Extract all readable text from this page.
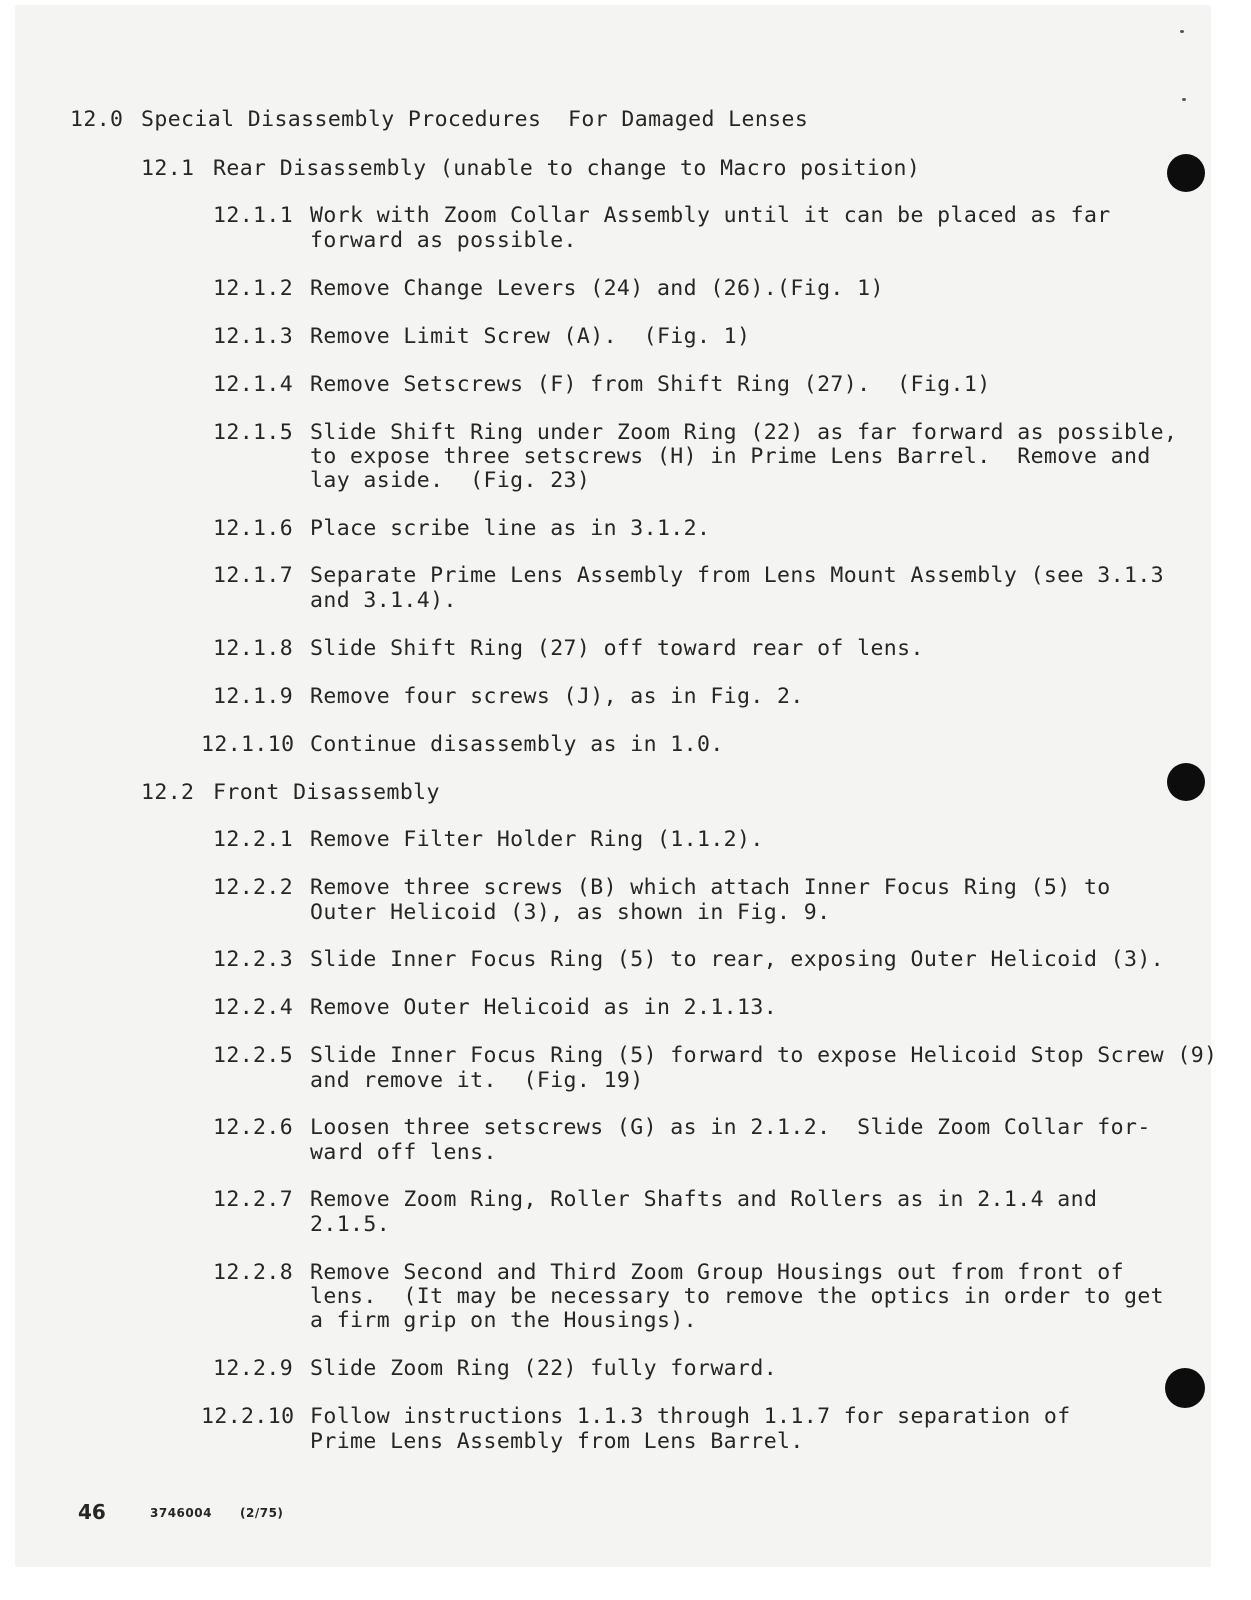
12.0 Special Disassembly Procedures  For Damaged Lenses
12.1 Rear Disassembly (unable to change to Macro position)
12.1.1 Work with Zoom Collar Assembly until it can be placed as far
forward as possible.
12.1.2 Remove Change Levers (24) and (26).(Fig. 1)
12.1.3 Remove Limit Screw (A).  (Fig. 1)
12.1.4 Remove Setscrews (F) from Shift Ring (27).  (Fig.1)
12.1.5 Slide Shift Ring under Zoom Ring (22) as far forward as possible,
to expose three setscrews (H) in Prime Lens Barrel.  Remove and
lay aside.  (Fig. 23)
12.1.6 Place scribe line as in 3.1.2.
12.1.7 Separate Prime Lens Assembly from Lens Mount Assembly (see 3.1.3
and 3.1.4).
12.1.8 Slide Shift Ring (27) off toward rear of lens.
12.1.9 Remove four screws (J), as in Fig. 2.
12.1.10 Continue disassembly as in 1.0.
12.2 Front Disassembly
12.2.1 Remove Filter Holder Ring (1.1.2).
12.2.2 Remove three screws (B) which attach Inner Focus Ring (5) to
Outer Helicoid (3), as shown in Fig. 9.
12.2.3 Slide Inner Focus Ring (5) to rear, exposing Outer Helicoid (3).
12.2.4 Remove Outer Helicoid as in 2.1.13.
12.2.5 Slide Inner Focus Ring (5) forward to expose Helicoid Stop Screw (9)
and remove it.  (Fig. 19)
12.2.6 Loosen three setscrews (G) as in 2.1.2.  Slide Zoom Collar for-
ward off lens.
12.2.7 Remove Zoom Ring, Roller Shafts and Rollers as in 2.1.4 and
2.1.5.
12.2.8 Remove Second and Third Zoom Group Housings out from front of
lens.  (It may be necessary to remove the optics in order to get
a firm grip on the Housings).
12.2.9 Slide Zoom Ring (22) fully forward.
12.2.10 Follow instructions 1.1.3 through 1.1.7 for separation of
Prime Lens Assembly from Lens Barrel.
46	3746004 (2/75)
